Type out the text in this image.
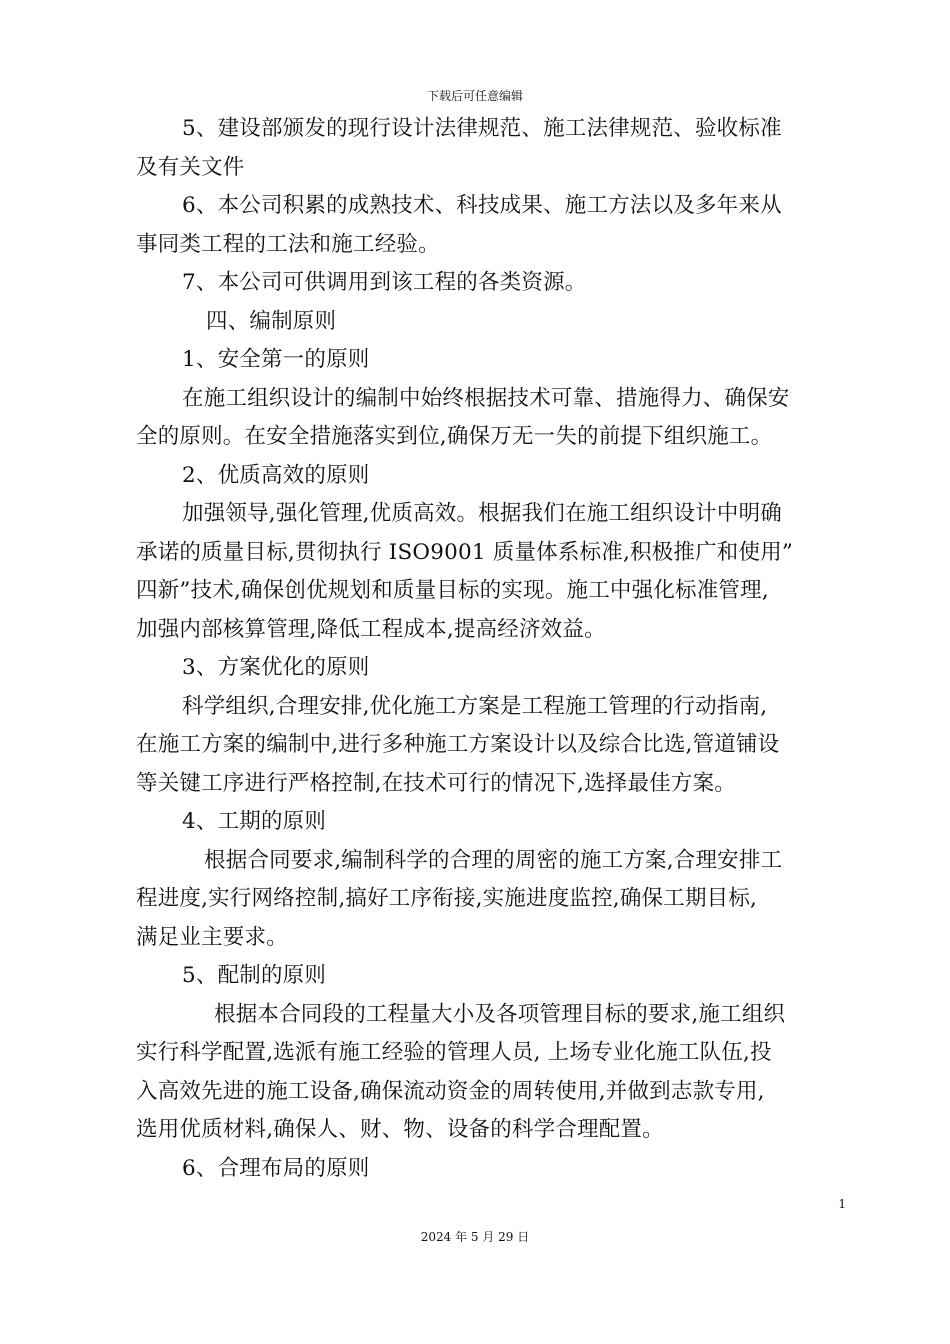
下载后可任意编辑
5、建设部颁发的现行设计法律规范、施工法律规范、验收标准
及有关文件
6、本公司积累的成熟技术、科技成果、施工方法以及多年来从
事同类工程的工法和施工经验。
7、本公司可供调用到该工程的各类资源。
四、编制原则
1、安全第一的原则
在施工组织设计的编制中始终根据技术可靠、措施得力、确保安
全的原则。在安全措施落实到位,确保万无一失的前提下组织施工。
2、优质高效的原则
加强领导,强化管理,优质高效。根据我们在施工组织设计中明确
承诺的质量目标,贯彻执行 ISO9001 质量体系标准,积极推广和使用”
四新”技术,确保创优规划和质量目标的实现。施工中强化标准管理,
加强内部核算管理,降低工程成本,提高经济效益。
3、方案优化的原则
科学组织,合理安排,优化施工方案是工程施工管理的行动指南,
在施工方案的编制中,进行多种施工方案设计以及综合比选,管道铺设
等关键工序进行严格控制,在技术可行的情况下,选择最佳方案。
4、工期的原则
根据合同要求,编制科学的合理的周密的施工方案,合理安排工
程进度,实行网络控制,搞好工序衔接,实施进度监控,确保工期目标,
满足业主要求。
5、配制的原则
根据本合同段的工程量大小及各项管理目标的要求,施工组织
实行科学配置,选派有施工经验的管理人员, 上场专业化施工队伍,投
入高效先进的施工设备,确保流动资金的周转使用,并做到志款专用,
选用优质材料,确保人、财、物、设备的科学合理配置。
6、合理布局的原则
1
2024 年 5 月 29 日
